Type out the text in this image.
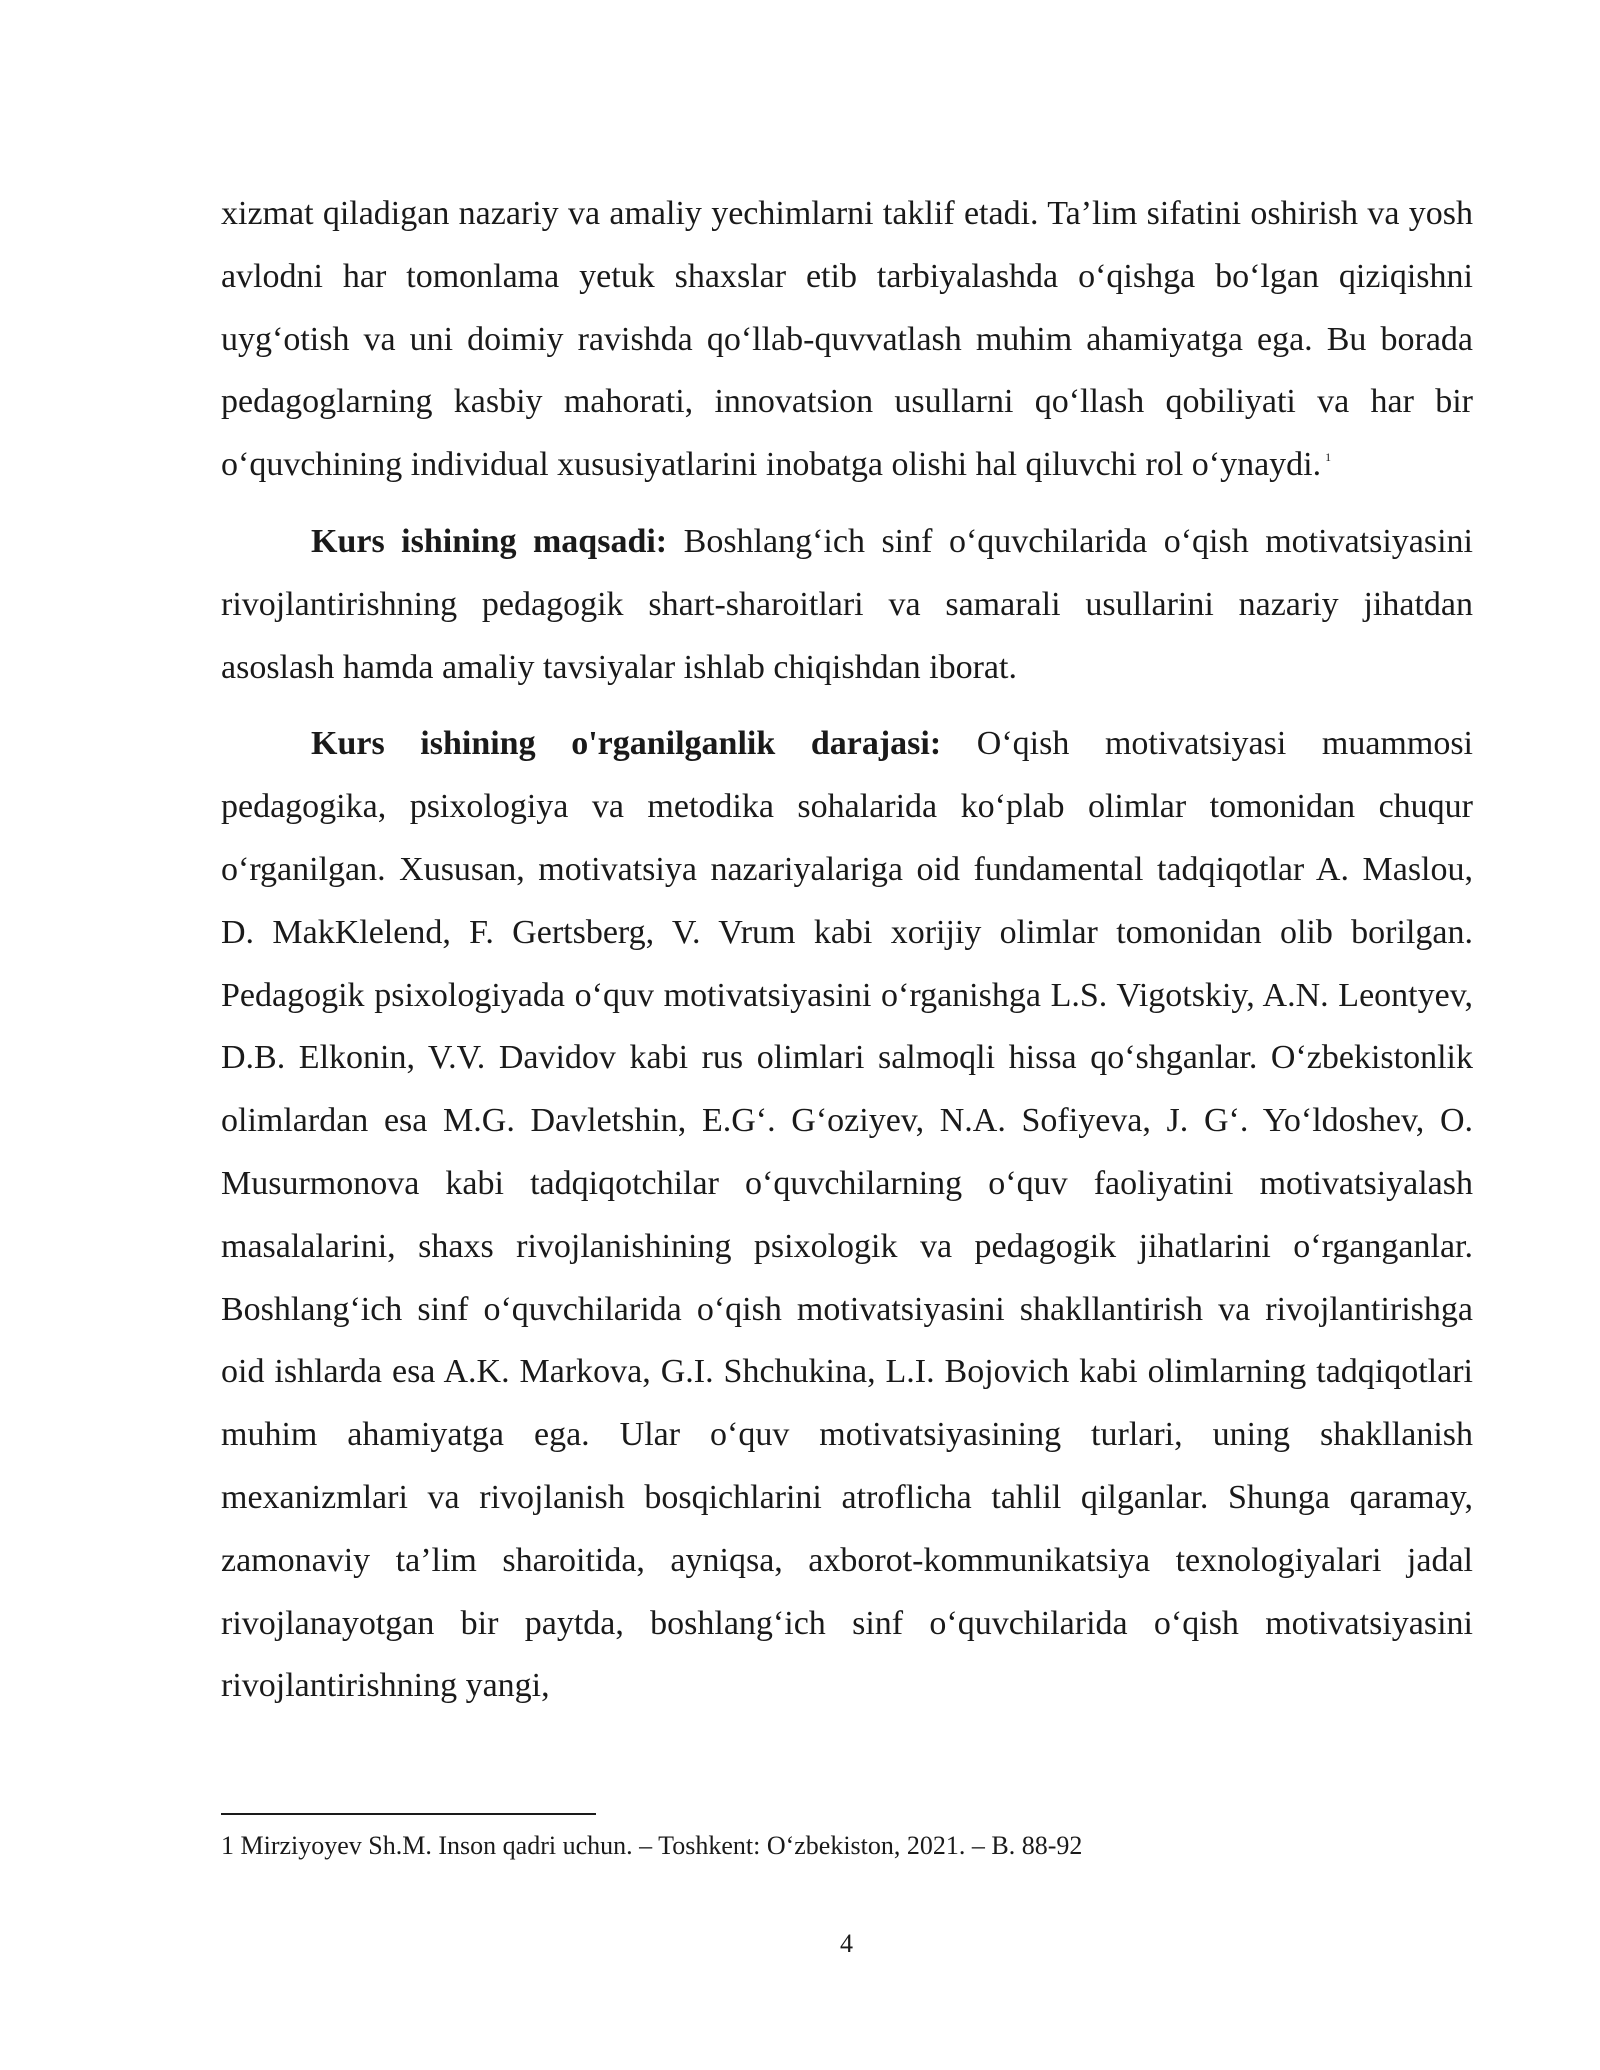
xizmat qiladigan nazariy va amaliy yechimlarni taklif etadi. Ta’lim sifatini oshirish va yosh avlodni har tomonlama yetuk shaxslar etib tarbiyalashda o‘qishga bo‘lgan qiziqishni uyg‘otish va uni doimiy ravishda qo‘llab-quvvatlash muhim ahamiyatga ega. Bu borada pedagoglarning kasbiy mahorati, innovatsion usullarni qo‘llash qobiliyati va har bir o‘quvchining individual xususiyatlarini inobatga olishi hal qiluvchi rol o‘ynaydi. $^1$

Kurs ishining maqsadi: Boshlang‘ich sinf o‘quvchilarida o‘qish motivatsiyasini rivojlantirishning pedagogik shart-sharoitlari va samarali usullarini nazariy jihatdan asoslash hamda amaliy tavsiyalar ishlab chiqishdan iborat.

Kurs ishining o'rganilganlik darajasi: O‘qish motivatsiyasi muammosi pedagogika, psixologiya va metodika sohalarida ko‘plab olimlar tomonidan chuqur o‘rganilgan. Xususan, motivatsiya nazariyalariga oid fundamental tadqiqotlar A. Maslou, D. MakKlelend, F. Gertsberg, V. Vrum kabi xorijiy olimlar tomonidan olib borilgan. Pedagogik psixologiyada o‘quv motivatsiyasini o‘rganishga L.S. Vigotskiy, A.N. Leontyev, D.B. Elkonin, V.V. Davidov kabi rus olimlari salmoqli hissa qo‘shganlar. O‘zbekistonlik olimlardan esa M.G. Davletshin, E.G‘. G‘oziyev, N.A. Sofiyeva, J. G‘. Yo‘ldoshev, O. Musurmonova kabi tadqiqotchilar o‘quvchilarning o‘quv faoliyatini motivatsiyalash masalalarini, shaxs rivojlanishining psixologik va pedagogik jihatlarini o‘rganganlar. Boshlang‘ich sinf o‘quvchilarida o‘qish motivatsiyasini shakllantirish va rivojlantirishga oid ishlarda esa A.K. Markova, G.I. Shchukina, L.I. Bojovich kabi olimlarning tadqiqotlari muhim ahamiyatga ega. Ular o‘quv motivatsiyasining turlari, uning shakllanish mexanizmlari va rivojlanish bosqichlarini atroflicha tahlil qilganlar. Shunga qaramay, zamonaviy ta’lim sharoitida, ayniqsa, axborot-kommunikatsiya texnologiyalari jadal rivojlanayotgan bir paytda, boshlang‘ich sinf o‘quvchilarida o‘qish motivatsiyasini rivojlantirishning yangi,

1 Mirziyoyev Sh.M. Inson qadri uchun. – Toshkent: O‘zbekiston, 2021. – B. 88-92
4
